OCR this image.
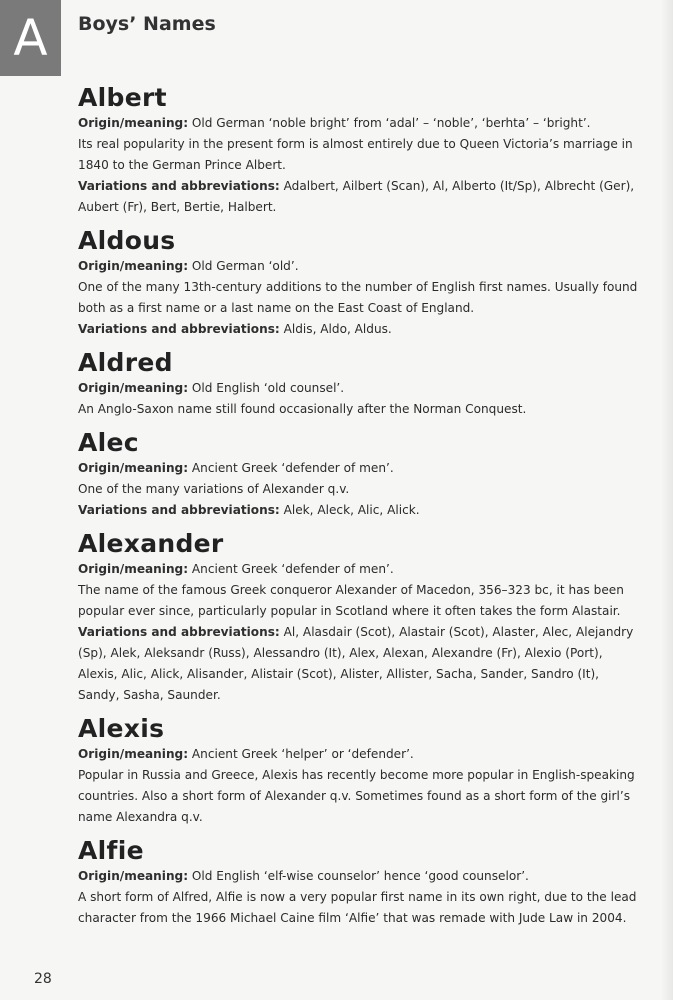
A	Boys’ Names
Albert

Origin/meaning: Old German ‘noble bright’ from ‘adal’ – ‘noble’, ‘berhta’ – ‘bright’.

Its real popularity in the present form is almost entirely due to Queen Victoria’s marriage in 1840 to the German Prince Albert.

Variations and abbreviations: Adalbert, Ailbert (Scan), Al, Alberto (It/Sp), Albrecht (Ger), Aubert (Fr), Bert, Bertie, Halbert.

Aldous

Origin/meaning: Old German ‘old’.

One of the many 13th-century additions to the number of English first names. Usually found both as a first name or a last name on the East Coast of England.

Variations and abbreviations: Aldis, Aldo, Aldus.

Aldred

Origin/meaning: Old English ‘old counsel’.

An Anglo-Saxon name still found occasionally after the Norman Conquest.

Alec

Origin/meaning: Ancient Greek ‘defender of men’.

One of the many variations of Alexander q.v.

Variations and abbreviations: Alek, Aleck, Alic, Alick.

Alexander

Origin/meaning: Ancient Greek ‘defender of men’.

The name of the famous Greek conqueror Alexander of Macedon, 356–323 bc, it has been popular ever since, particularly popular in Scotland where it often takes the form Alastair.

Variations and abbreviations: Al, Alasdair (Scot), Alastair (Scot), Alaster, Alec, Alejandry (Sp), Alek, Aleksandr (Russ), Alessandro (It), Alex, Alexan, Alexandre (Fr), Alexio (Port), Alexis, Alic, Alick, Alisander, Alistair (Scot), Alister, Allister, Sacha, Sander, Sandro (It), Sandy, Sasha, Saunder.

Alexis

Origin/meaning: Ancient Greek ‘helper’ or ‘defender’.

Popular in Russia and Greece, Alexis has recently become more popular in English-speaking countries. Also a short form of Alexander q.v. Sometimes found as a short form of the girl’s name Alexandra q.v.

Alfie

Origin/meaning: Old English ‘elf-wise counselor’ hence ‘good counselor’.

A short form of Alfred, Alfie is now a very popular first name in its own right, due to the lead character from the 1966 Michael Caine film ‘Alfie’ that was remade with Jude Law in 2004.

28
